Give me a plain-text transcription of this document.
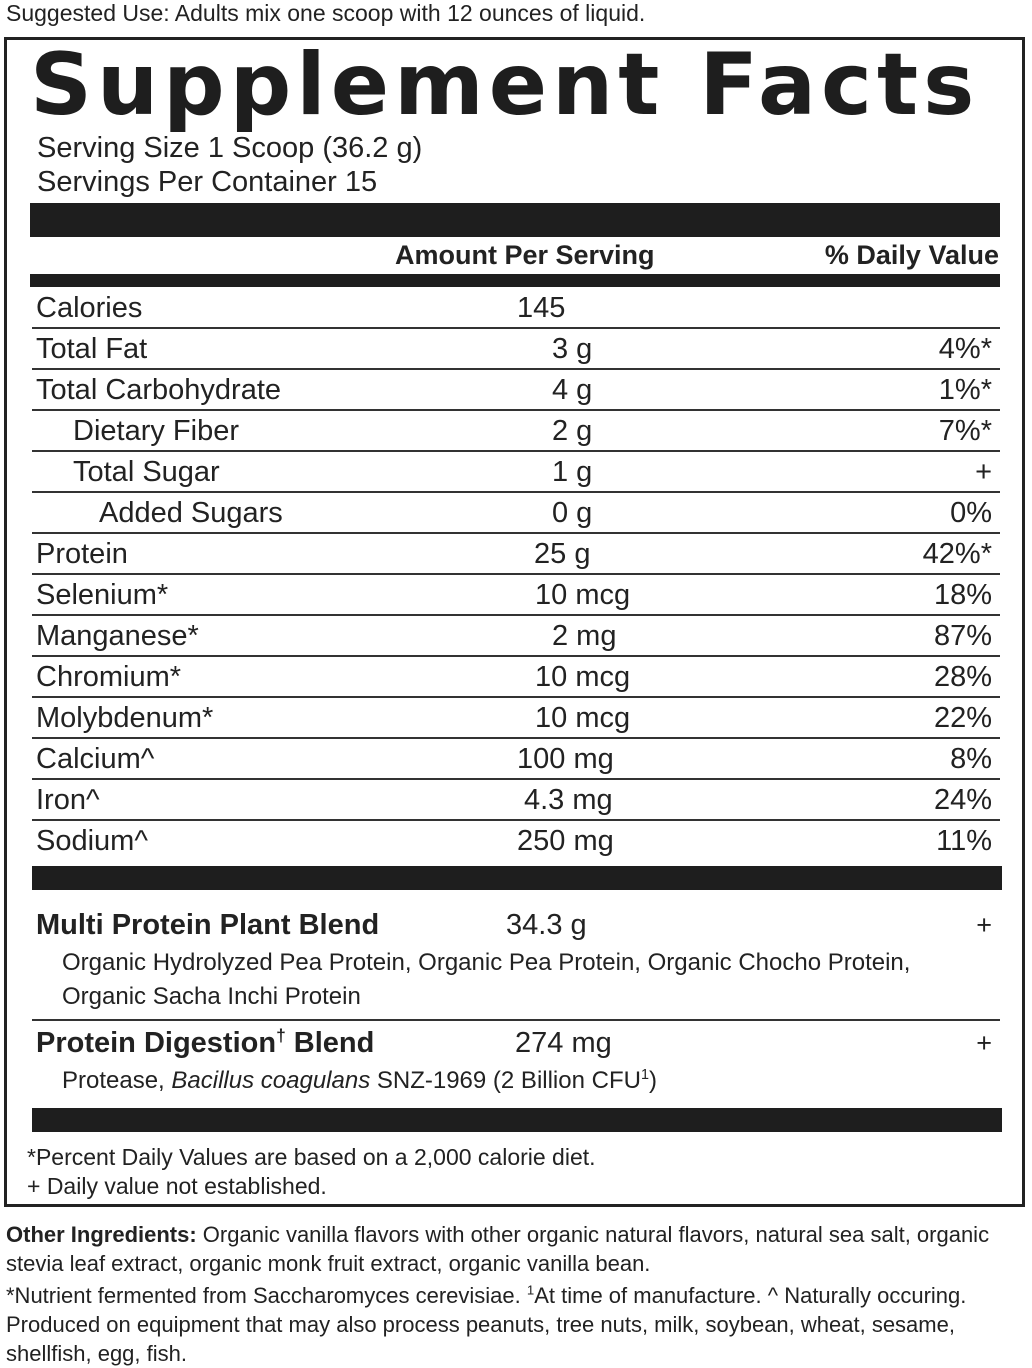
Suggested Use: Adults mix one scoop with 12 ounces of liquid.
Supplement Facts
Serving Size 1 Scoop (36.2 g)
Servings Per Container 15
Amount Per Serving	% Daily Value
Calories	145
Total Fat	3 g	4%*
Total Carbohydrate	4 g	1%*
Dietary Fiber	2 g	7%*
Total Sugar	1 g	+
Added Sugars	0 g	0%
Protein	25 g	42%*
Selenium*	10 mcg	18%
Manganese*	2 mg	87%
Chromium*	10 mcg	28%
Molybdenum*	10 mcg	22%
Calcium^	100 mg	8%
Iron^	4.3 mg	24%
Sodium^	250 mg	11%
Multi Protein Plant Blend	34.3 g	+
Organic Hydrolyzed Pea Protein, Organic Pea Protein, Organic Chocho Protein, Organic Sacha Inchi Protein
Protein Digestion† Blend	274 mg	+
Protease, Bacillus coagulans SNZ-1969 (2 Billion CFU$^1$)
*Percent Daily Values are based on a 2,000 calorie diet.
+ Daily value not established.
Other Ingredients: Organic vanilla flavors with other organic natural flavors, natural sea salt, organic stevia leaf extract, organic monk fruit extract, organic vanilla bean.
*Nutrient fermented from Saccharomyces cerevisiae. $^1$At time of manufacture. ^ Naturally occuring. Produced on equipment that may also process peanuts, tree nuts, milk, soybean, wheat, sesame, shellfish, egg, fish.
